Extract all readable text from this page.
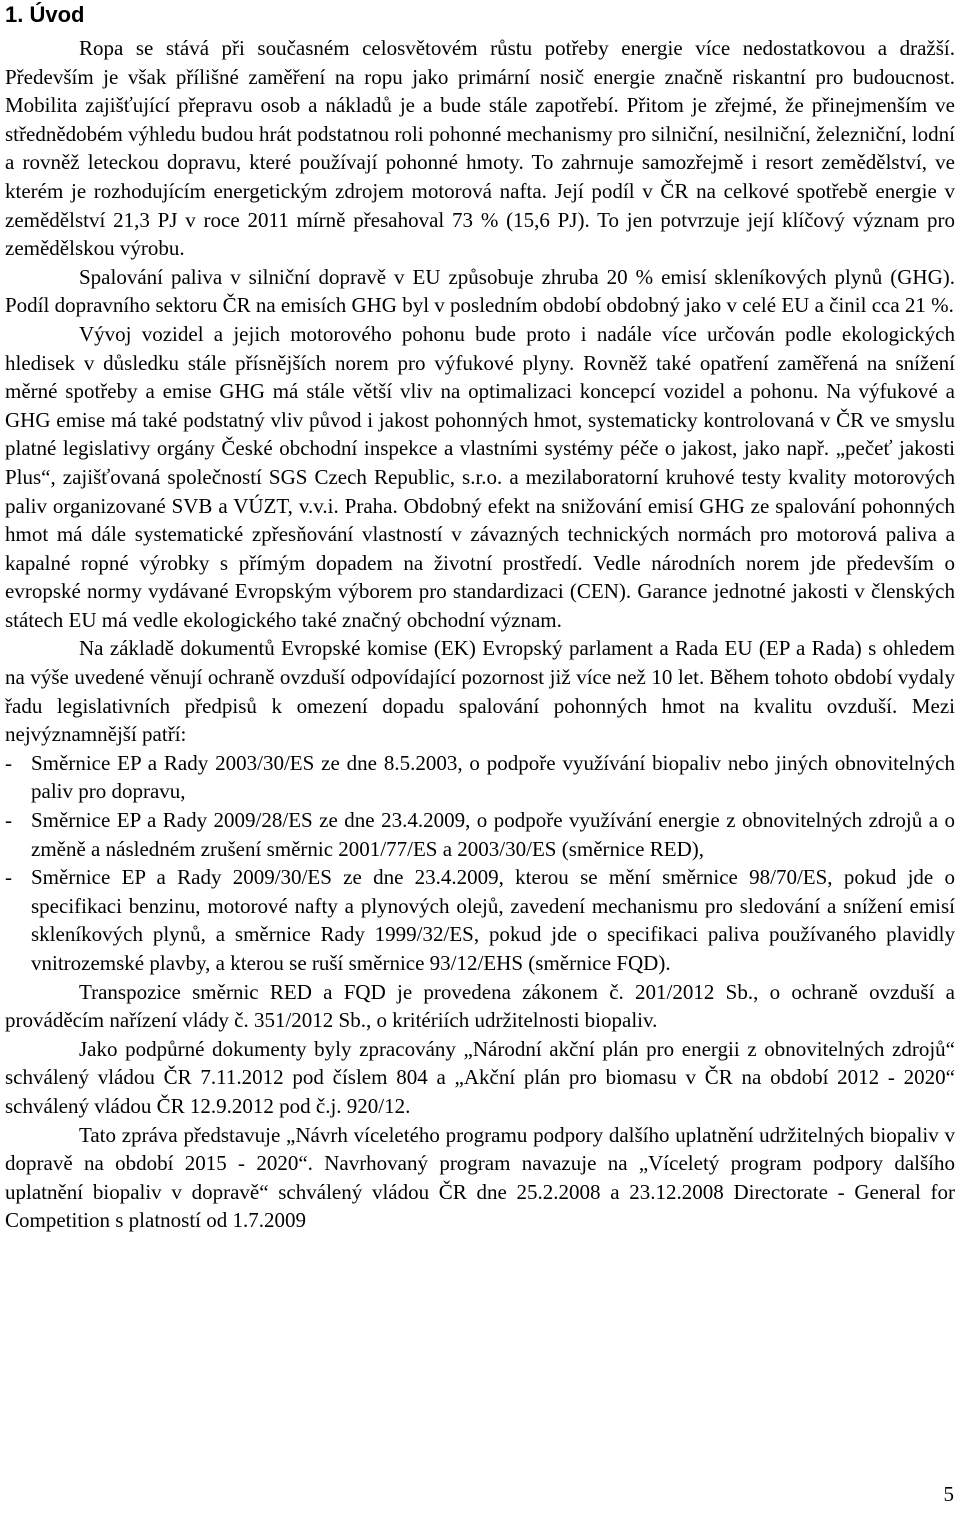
1. Úvod

Ropa se stává při současném celosvětovém růstu potřeby energie více nedostatkovou a dražší. Především je však přílišné zaměření na ropu jako primární nosič energie značně riskantní pro budoucnost. Mobilita zajišťující přepravu osob a nákladů je a bude stále zapotřebí. Přitom je zřejmé, že přinejmenším ve střednědobém výhledu budou hrát podstatnou roli pohonné mechanismy pro silniční, nesilniční, železniční, lodní a rovněž leteckou dopravu, které používají pohonné hmoty. To zahrnuje samozřejmě i resort zemědělství, ve kterém je rozhodujícím energetickým zdrojem motorová nafta. Její podíl v ČR na celkové spotřebě energie v zemědělství 21,3 PJ v roce 2011 mírně přesahoval 73 % (15,6 PJ). To jen potvrzuje její klíčový význam pro zemědělskou výrobu.

Spalování paliva v silniční dopravě v EU způsobuje zhruba 20 % emisí skleníkových plynů (GHG). Podíl dopravního sektoru ČR na emisích GHG byl v posledním období obdobný jako v celé EU a činil cca 21 %.

Vývoj vozidel a jejich motorového pohonu bude proto i nadále více určován podle ekologických hledisek v důsledku stále přísnějších norem pro výfukové plyny. Rovněž také opatření zaměřená na snížení měrné spotřeby a emise GHG má stále větší vliv na optimalizaci koncepcí vozidel a pohonu. Na výfukové a GHG emise má také podstatný vliv původ i jakost pohonných hmot, systematicky kontrolovaná v ČR ve smyslu platné legislativy orgány České obchodní inspekce a vlastními systémy péče o jakost, jako např. „pečeť jakosti Plus“, zajišťovaná společností SGS Czech Republic, s.r.o. a mezilaboratorní kruhové testy kvality motorových paliv organizované SVB a VÚZT, v.v.i. Praha. Obdobný efekt na snižování emisí GHG ze spalování pohonných hmot má dále systematické zpřesňování vlastností v závazných technických normách pro motorová paliva a kapalné ropné výrobky s přímým dopadem na životní prostředí. Vedle národních norem jde především o evropské normy vydávané Evropským výborem pro standardizaci (CEN). Garance jednotné jakosti v členských státech EU má vedle ekologického také značný obchodní význam.

Na základě dokumentů Evropské komise (EK) Evropský parlament a Rada EU (EP a Rada) s ohledem na výše uvedené věnují ochraně ovzduší odpovídající pozornost již více než 10 let. Během tohoto období vydaly řadu legislativních předpisů k omezení dopadu spalování pohonných hmot na kvalitu ovzduší. Mezi nejvýznamnější patří:

- Směrnice EP a Rady 2003/30/ES ze dne 8.5.2003, o podpoře využívání biopaliv nebo jiných obnovitelných paliv pro dopravu,
- Směrnice EP a Rady 2009/28/ES ze dne 23.4.2009, o podpoře využívání energie z obnovitelných zdrojů a o změně a následném zrušení směrnic 2001/77/ES a 2003/30/ES (směrnice RED),
- Směrnice EP a Rady 2009/30/ES ze dne 23.4.2009, kterou se mění směrnice 98/70/ES, pokud jde o specifikaci benzinu, motorové nafty a plynových olejů, zavedení mechanismu pro sledování a snížení emisí skleníkových plynů, a směrnice Rady 1999/32/ES, pokud jde o specifikaci paliva používaného plavidly vnitrozemské plavby, a kterou se ruší směrnice 93/12/EHS (směrnice FQD).

Transpozice směrnic RED a FQD je provedena zákonem č. 201/2012 Sb., o ochraně ovzduší a prováděcím nařízení vlády č. 351/2012 Sb., o kritériích udržitelnosti biopaliv.

Jako podpůrné dokumenty byly zpracovány „Národní akční plán pro energii z obnovitelných zdrojů“ schválený vládou ČR 7.11.2012 pod číslem 804 a „Akční plán pro biomasu v ČR na období 2012 - 2020“ schválený vládou ČR 12.9.2012 pod č.j. 920/12.

Tato zpráva představuje „Návrh víceletého programu podpory dalšího uplatnění udržitelných biopaliv v dopravě na období 2015 - 2020“. Navrhovaný program navazuje na „Víceletý program podpory dalšího uplatnění biopaliv v dopravě“ schválený vládou ČR dne 25.2.2008 a 23.12.2008 Directorate - General for Competition s platností od 1.7.2009

5
